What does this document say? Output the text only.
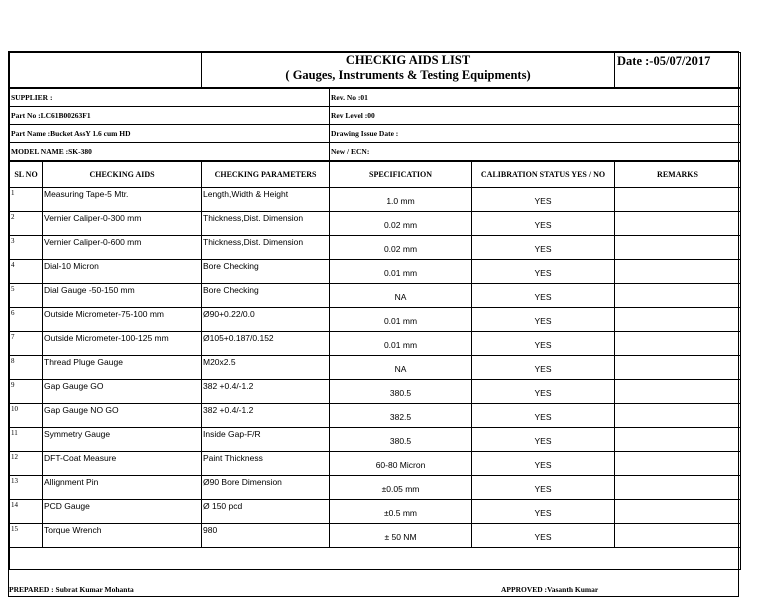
CHECKIG AIDS LIST
( Gauges, Instruments & Testing Equipments)
	Date :-05/07/2017
SUPPLIER :	Rev. No :01
Part No :LC61B00263F1	Rev Level :00
Part Name :Bucket AssY 1.6 cum HD	Drawing Issue Date :
MODEL NAME :SK-380	New / ECN:
SL NO	CHECKING AIDS	CHECKING PARAMETERS	SPECIFICATION	CALIBRATION STATUS YES / NO	REMARKS
1	Measuring Tape-5 Mtr.	Length,Width & Height	1.0 mm	YES	
2	Vernier Caliper-0-300 mm	Thickness,Dist. Dimension	0.02 mm	YES	
3	Vernier Caliper-0-600 mm	Thickness,Dist. Dimension	0.02 mm	YES	
4	Dial-10 Micron	Bore Checking	0.01 mm	YES	
5	Dial Gauge -50-150 mm	Bore Checking	NA	YES	
6	Outside Micrometer-75-100 mm	Ø90+0.22/0.0	0.01 mm	YES	
7	Outside Micrometer-100-125 mm	Ø105+0.187/0.152	0.01 mm	YES	
8	Thread Pluge Gauge	M20x2.5	NA	YES	
9	Gap Gauge GO	382 +0.4/-1.2	380.5	YES	
10	Gap Gauge NO GO	382 +0.4/-1.2	382.5	YES	
11	Symmetry Gauge	Inside Gap-F/R	380.5	YES	
12	DFT-Coat Measure	Paint Thickness	60-80 Micron	YES	
13	Allignment Pin	Ø90 Bore Dimension	±0.05 mm	YES	
14	PCD Gauge	Ø 150 pcd	±0.5 mm	YES	
15	Torque Wrench	980	± 50 NM	YES	

PREPARED : Subrat Kumar Mohanta	APPROVED :Vasanth Kumar
